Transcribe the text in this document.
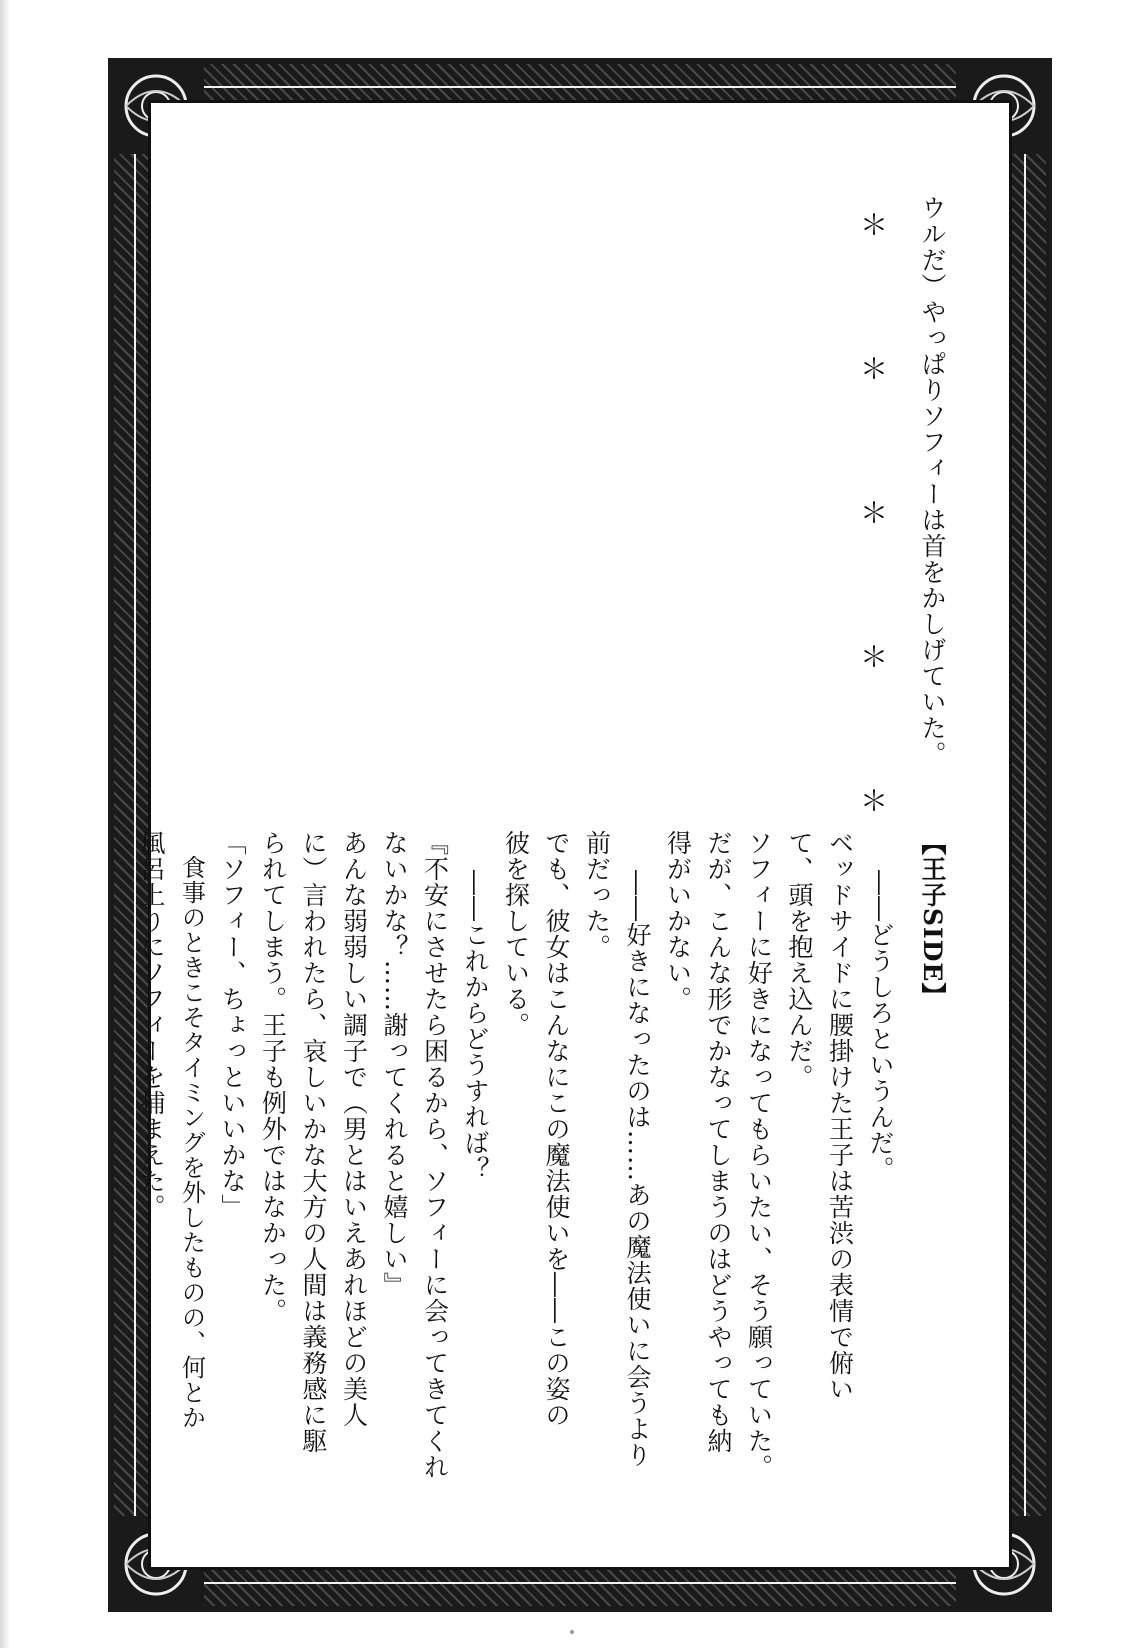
ウルだ）やっぱりソフィーは首をかしげていた。
＊　　＊　　＊　　＊　　＊
【王子SIDE】
――どうしろというんだ。
ベッドサイドに腰掛けた王子は苦渋の表情で俯い
て、頭を抱え込んだ。
ソフィーに好きになってもらいたい、そう願っていた。
だが、こんな形でかなってしまうのはどうやっても納
得がいかない。
――好きになったのは……あの魔法使いに会うより
前だった。
でも、彼女はこんなにこの魔法使いを――この姿の
彼を探している。
――これからどうすれば？
『不安にさせたら困るから、ソフィーに会ってきてくれ
ないかな？……謝ってくれると嬉しい』
あんな弱弱しい調子で（男とはいえあれほどの美人
に）言われたら、哀しいかな大方の人間は義務感に駆
られてしまう。王子も例外ではなかった。
「ソフィー、ちょっといいかな」
食事のときこそタイミングを外したものの、何とか
風呂上りにソフィーを捕まえた。
